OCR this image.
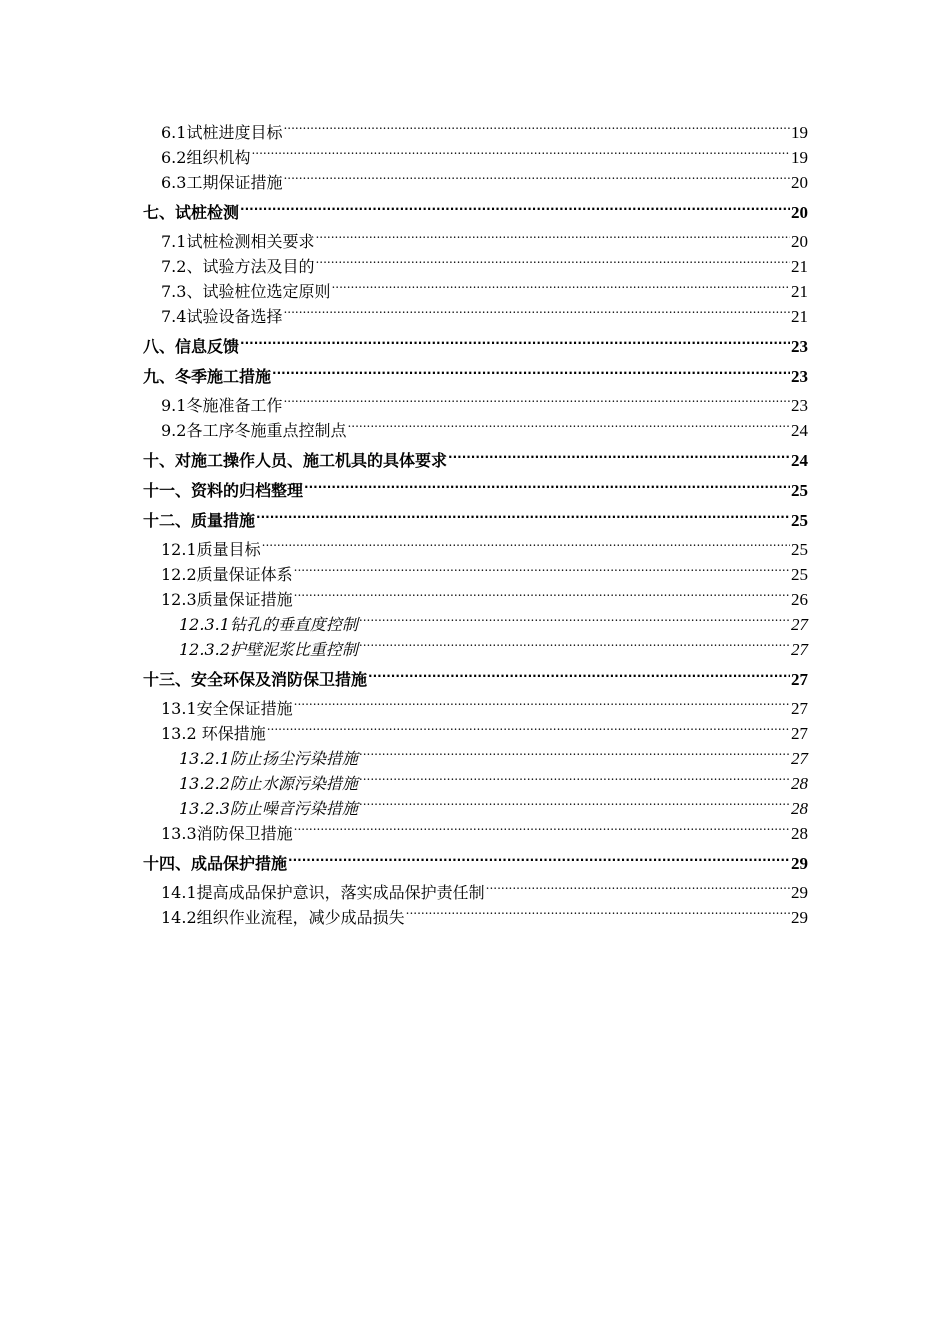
6.1试桩进度目标 .....	19
6.2组织机构 .....	19
6.3工期保证措施 .....	20
七、试桩检测 .....	20
7.1试桩检测相关要求 .....	20
7.2、试验方法及目的 .....	21
7.3、试验桩位选定原则 .....	21
7.4试验设备选择 .....	21
八、信息反馈 .....	23
九、冬季施工措施 .....	23
9.1冬施准备工作 .....	23
9.2各工序冬施重点控制点 .....	24
十、对施工操作人员、施工机具的具体要求 .....	24
十一、资料的归档整理 .....	25
十二、质量措施 .....	25
12.1质量目标 .....	25
12.2质量保证体系 .....	25
12.3质量保证措施 .....	26
12.3.1钻孔的垂直度控制 .....	27
12.3.2护壁泥浆比重控制 .....	27
十三、安全环保及消防保卫措施 .....	27
13.1安全保证措施 .....	27
13.2 环保措施 .....	27
13.2.1防止扬尘污染措施 .....	27
13.2.2防止水源污染措施 .....	28
13.2.3防止噪音污染措施 .....	28
13.3消防保卫措施 .....	28
十四、成品保护措施 .....	29
14.1提高成品保护意识，落实成品保护责任制 .....	29
14.2组织作业流程，减少成品损失 .....	29
